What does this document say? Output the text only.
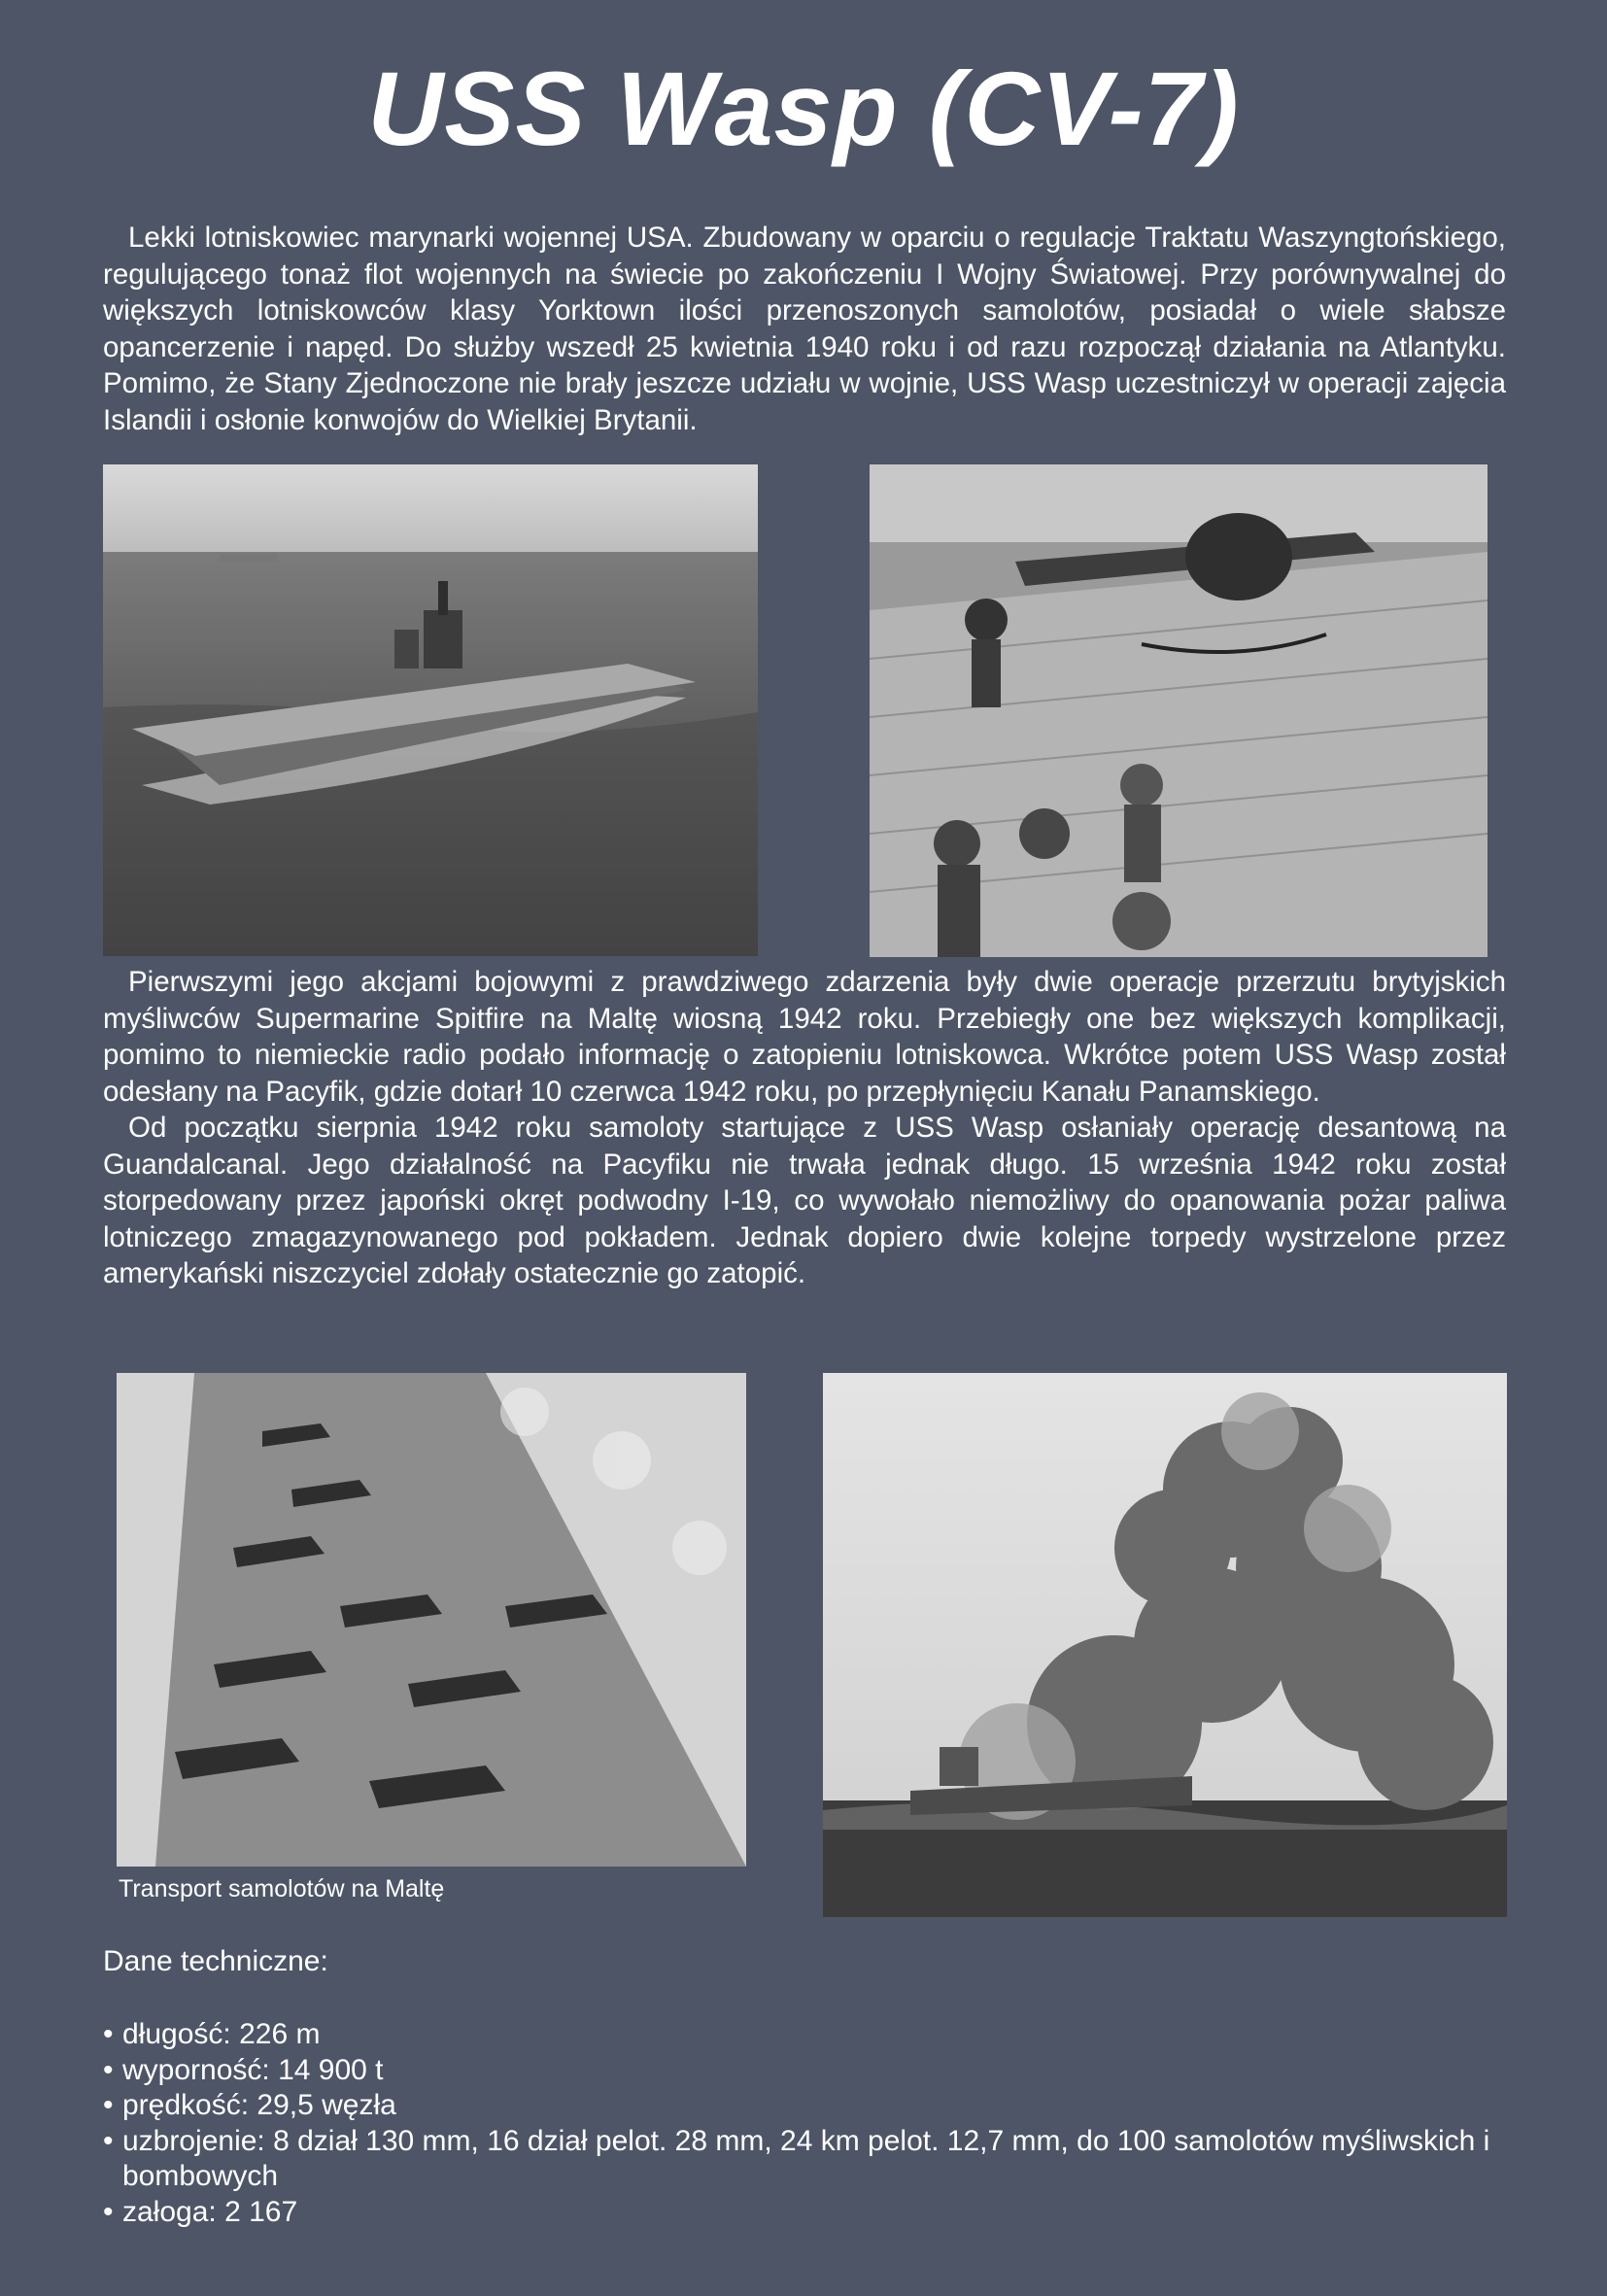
USS Wasp (CV-7)
Lekki lotniskowiec marynarki wojennej USA. Zbudowany w oparciu o regulacje Traktatu Waszyngtońskiego, regulującego tonaż flot wojennych na świecie po zakończeniu I Wojny Światowej. Przy porównywalnej do większych lotniskowców klasy Yorktown ilości przenoszonych samolotów, posiadał o wiele słabsze opancerzenie i napęd. Do służby wszedł 25 kwietnia 1940 roku i od razu rozpoczął działania na Atlantyku. Pomimo, że Stany Zjednoczone nie brały jeszcze udziału w wojnie, USS Wasp uczestniczył w operacji zajęcia Islandii i osłonie konwojów do Wielkiej Brytanii.
Pierwszymi jego akcjami bojowymi z prawdziwego zdarzenia były dwie operacje przerzutu brytyjskich myśliwców Supermarine Spitfire na Maltę wiosną 1942 roku. Przebiegły one bez większych komplikacji, pomimo to niemieckie radio podało informację o zatopieniu lotniskowca. Wkrótce potem USS Wasp został odesłany na Pacyfik, gdzie dotarł 10 czerwca 1942 roku, po przepłynięciu Kanału Panamskiego.
Od początku sierpnia 1942 roku samoloty startujące z USS Wasp osłaniały operację desantową na Guandalcanal. Jego działalność na Pacyfiku nie trwała jednak długo. 15 września 1942 roku został storpedowany przez japoński okręt podwodny I-19, co wywołało niemożliwy do opanowania pożar paliwa lotniczego zmagazynowanego pod pokładem. Jednak dopiero dwie kolejne torpedy wystrzelone przez amerykański niszczyciel zdołały ostatecznie go zatopić.
Transport samolotów na Maltę
Dane techniczne:
• długość: 226 m
• wyporność: 14 900 t
• prędkość: 29,5 węzła
• uzbrojenie: 8 dział 130 mm, 16 dział pelot. 28 mm, 24 km pelot. 12,7 mm, do 100 samolotów myśliwskich i bombowych
• załoga: 2 167
